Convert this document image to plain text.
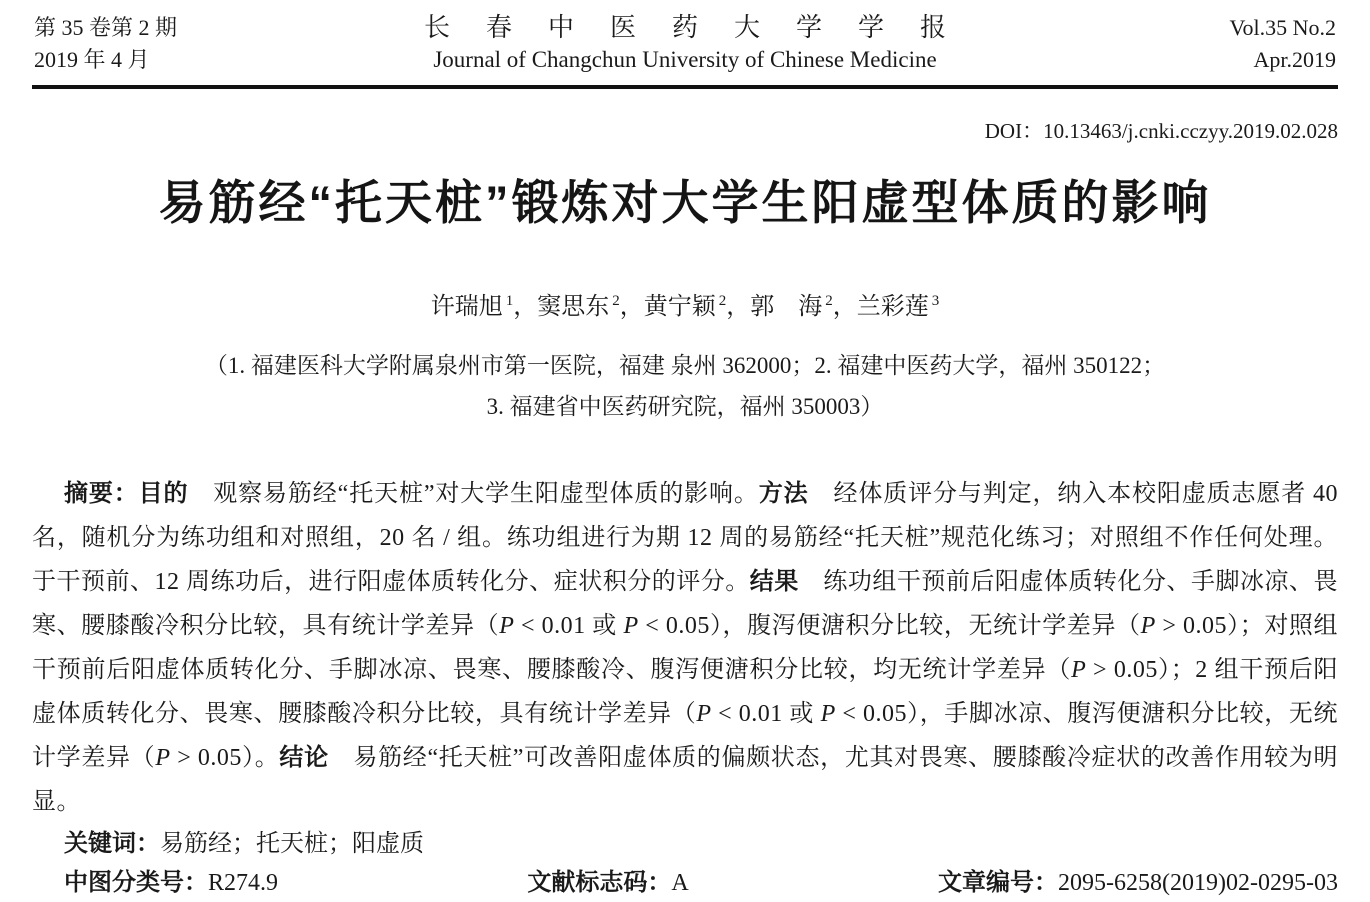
第 35 卷第 2 期
2019 年 4 月
长春中医药大学学报
Journal of Changchun University of Chinese Medicine
Vol.35 No.2
Apr.2019
DOI：10.13463/j.cnki.cczyy.2019.02.028
易筋经“托天桩”锻炼对大学生阳虚型体质的影响
许瑞旭 $^1$，窦思东 $^2$，黄宁颖 $^2$，郭　海 $^2$，兰彩莲 $^3$
（1. 福建医科大学附属泉州市第一医院，福建 泉州 362000；2. 福建中医药大学，福州 350122；
3. 福建省中医药研究院，福州 350003）

摘要：目的　观察易筋经“托天桩”对大学生阳虚型体质的影响。方法　经体质评分与判定，纳入本校阳虚质志愿者 40 名，随机分为练功组和对照组，20 名 / 组。练功组进行为期 12 周的易筋经“托天桩”规范化练习；对照组不作任何处理。于干预前、12 周练功后，进行阳虚体质转化分、症状积分的评分。结果　练功组干预前后阳虚体质转化分、手脚冰凉、畏寒、腰膝酸冷积分比较，具有统计学差异（P < 0.01 或 P < 0.05），腹泻便溏积分比较，无统计学差异（P > 0.05）；对照组干预前后阳虚体质转化分、手脚冰凉、畏寒、腰膝酸冷、腹泻便溏积分比较，均无统计学差异（P > 0.05）；2 组干预后阳虚体质转化分、畏寒、腰膝酸冷积分比较，具有统计学差异（P < 0.01 或 P < 0.05），手脚冰凉、腹泻便溏积分比较，无统计学差异（P > 0.05）。结论　易筋经“托天桩”可改善阳虚体质的偏颇状态，尤其对畏寒、腰膝酸冷症状的改善作用较为明显。

关键词：易筋经；托天桩；阳虚质

中图分类号：R274.9	文献标志码：A	文章编号：2095-6258(2019)02-0295-03
